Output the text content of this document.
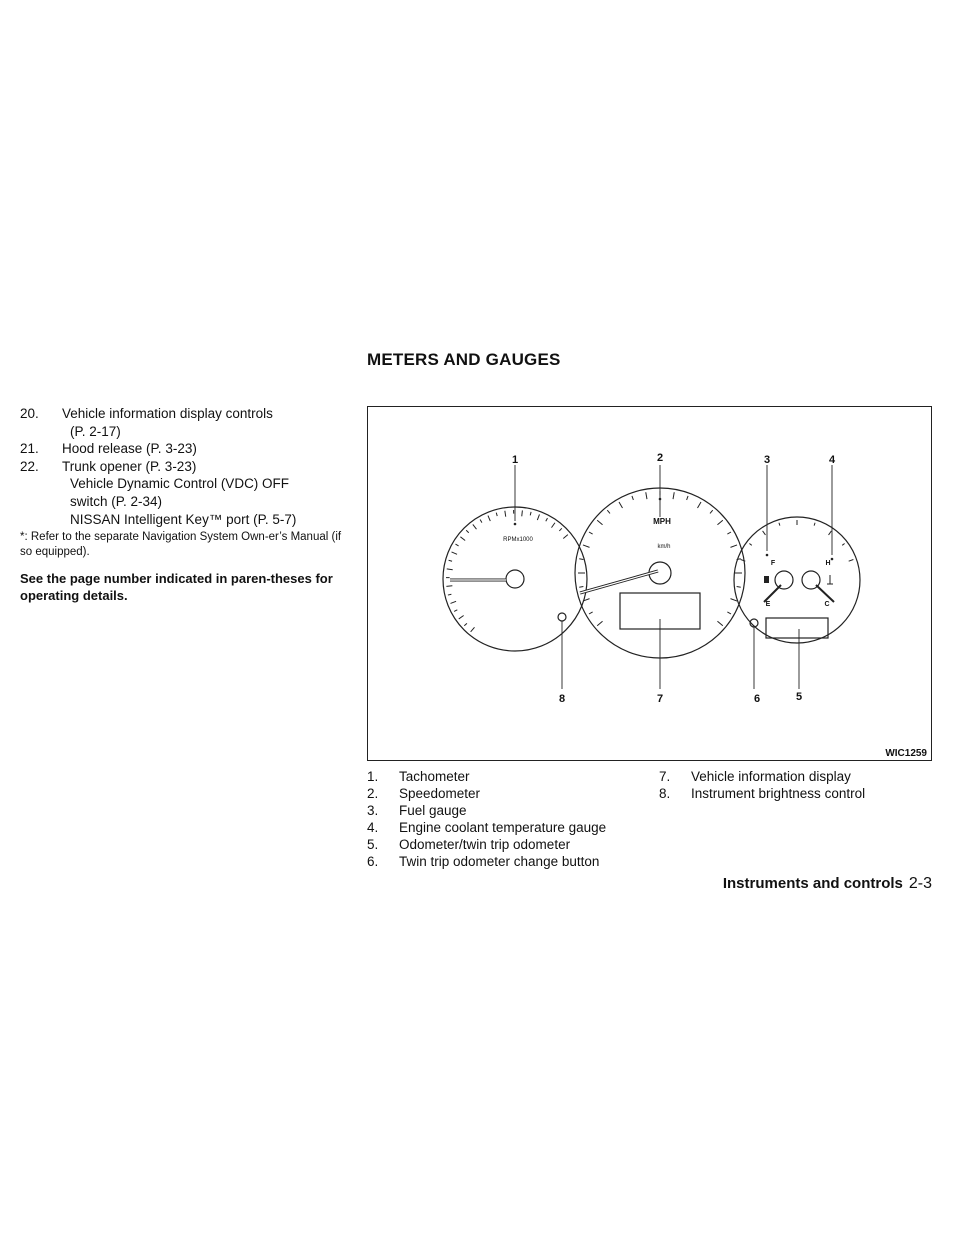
METERS AND GAUGES
20. Vehicle information display controls
(P. 2-17)
21. Hood release (P. 3-23)
22. Trunk opener (P. 3-23)
Vehicle Dynamic Control (VDC) OFF
switch (P. 2-34)
NISSAN Intelligent Key™ port (P. 5-7)
*: Refer to the separate Navigation System Own-er’s Manual (if so equipped).
See the page number indicated in paren-theses for operating details.
1	2	3	4
5
6
7
8
RPMx1000
MPH
km/h
F
E
H
C
WIC1259
1. Tachometer
2. Speedometer
3. Fuel gauge
4. Engine coolant temperature gauge
5. Odometer/twin trip odometer
6. Twin trip odometer change button
7. Vehicle information display
8. Instrument brightness control
Instruments and controls 2-3
